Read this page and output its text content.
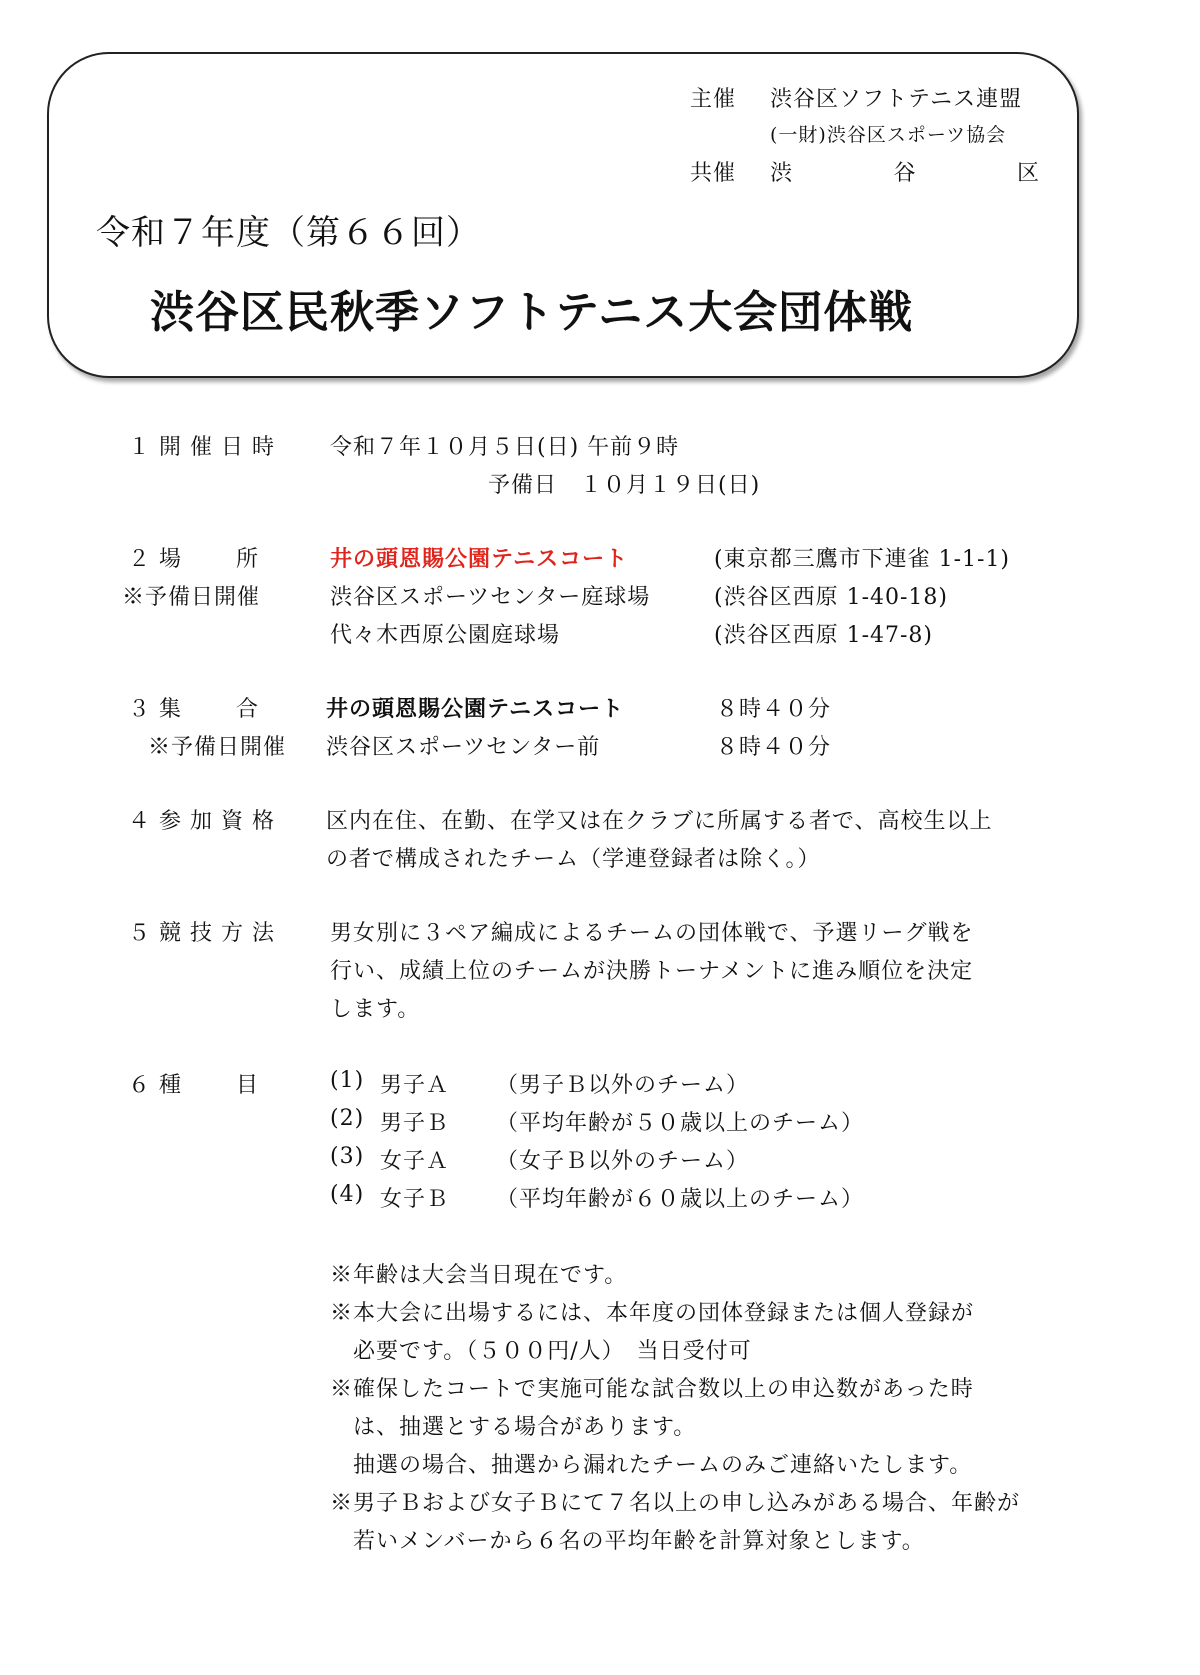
主催 渋谷区ソフトテニス連盟
(一財)渋谷区スポーツ協会
共催 渋谷区
令和７年度（第６６回）
渋谷区民秋季ソフトテニス大会団体戦
１ 開 催 日 時	令和７年１０月５日(日) 午前９時
予備日　１０月１９日(日)
２ 場　　 所	井の頭恩賜公園テニスコート	(東京都三鷹市下連雀 1-1-1)
※予備日開催	渋谷区スポーツセンター庭球場	(渋谷区西原 1-40-18)
代々木西原公園庭球場	(渋谷区西原 1-47-8)
３ 集　　 合	井の頭恩賜公園テニスコート	８時４０分
※予備日開催 渋谷区スポーツセンター前	８時４０分
４ 参 加 資 格 区内在住、在勤、在学又は在クラブに所属する者で、高校生以上
の者で構成されたチーム（学連登録者は除く。）
５ 競 技 方 法	男女別に３ペア編成によるチームの団体戦で、予選リーグ戦を
行い、成績上位のチームが決勝トーナメントに進み順位を決定
します。
６ 種　　 目	(1) 男子Ａ （男子Ｂ以外のチーム）
(2) 男子Ｂ （平均年齢が５０歳以上のチーム）
(3) 女子Ａ （女子Ｂ以外のチーム）
(4) 女子Ｂ （平均年齢が６０歳以上のチーム）
※年齢は大会当日現在です。
※本大会に出場するには、本年度の団体登録または個人登録が
　必要です。（５００円/人）　当日受付可
※確保したコートで実施可能な試合数以上の申込数があった時
　は、抽選とする場合があります。
　抽選の場合、抽選から漏れたチームのみご連絡いたします。
※男子Ｂおよび女子Ｂにて７名以上の申し込みがある場合、年齢が
　若いメンバーから６名の平均年齢を計算対象とします。
